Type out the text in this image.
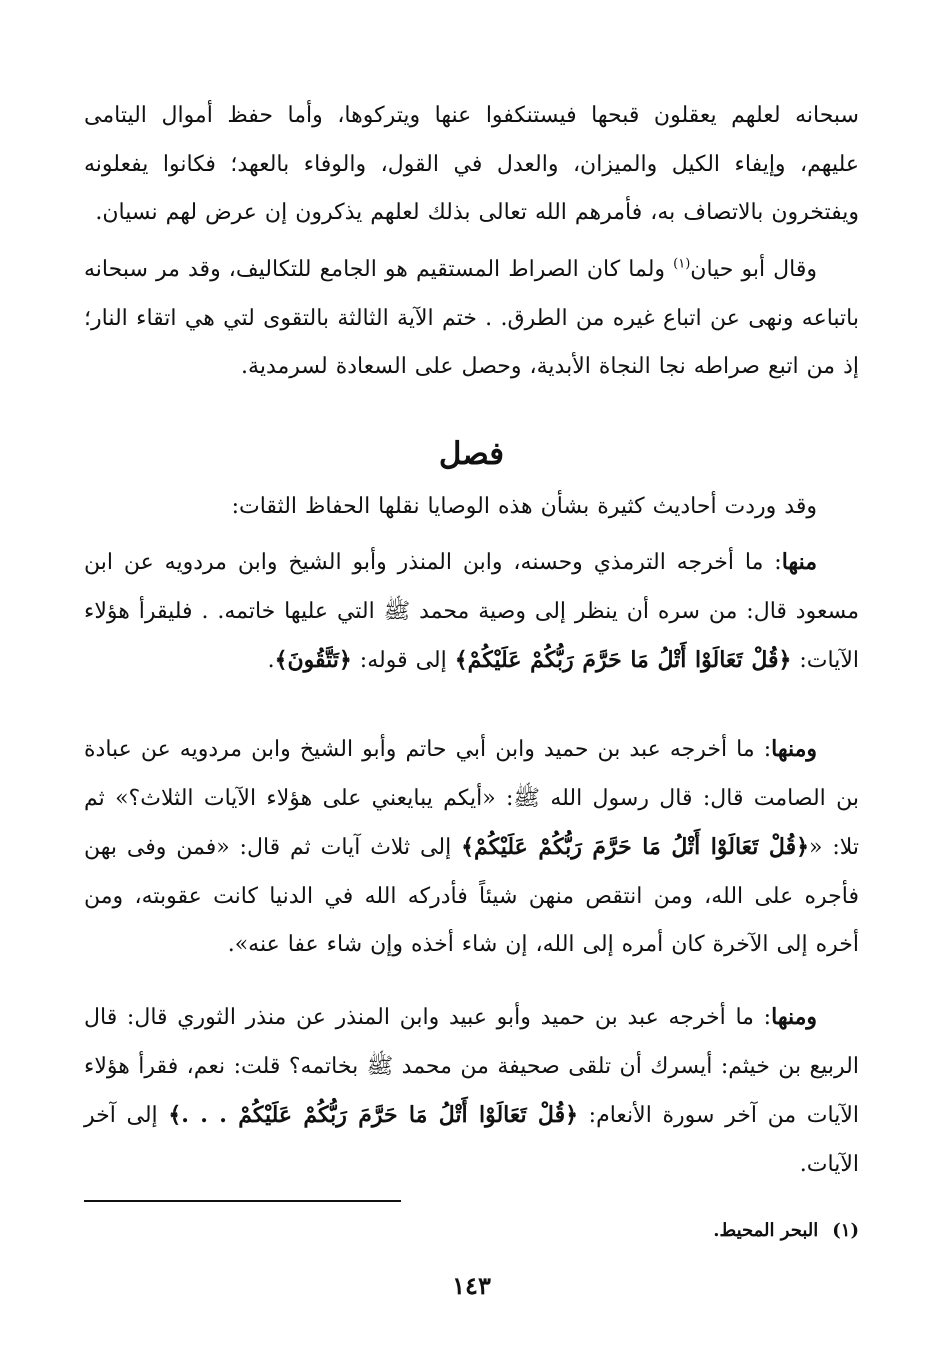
سبحانه لعلهم يعقلون قبحها فيستنكفوا عنها ويتركوها، وأما حفظ أموال اليتامى عليهم، وإيفاء الكيل والميزان، والعدل في القول، والوفاء بالعهد؛ فكانوا يفعلونه ويفتخرون بالاتصاف به، فأمرهم الله تعالى بذلك لعلهم يذكرون إن عرض لهم نسيان.

وقال أبو حيان$^{(١)}$ ولما كان الصراط المستقيم هو الجامع للتكاليف، وقد مر سبحانه باتباعه ونهى عن اتباع غيره من الطرق. . ختم الآية الثالثة بالتقوى لتي هي اتقاء النار؛ إذ من اتبع صراطه نجا النجاة الأبدية، وحصل على السعادة لسرمدية.

فصل

وقد وردت أحاديث كثيرة بشأن هذه الوصايا نقلها الحفاظ الثقات:

منها: ما أخرجه الترمذي وحسنه، وابن المنذر وأبو الشيخ وابن مردويه عن ابن مسعود قال: من سره أن ينظر إلى وصية محمد ﷺ التي عليها خاتمه. . فليقرأ هؤلاء الآيات: ﴿قُلْ تَعَالَوْا أَتْلُ مَا حَرَّمَ رَبُّكُمْ عَلَيْكُمْ﴾ إلى قوله: ﴿تَتَّقُونَ﴾.

ومنها: ما أخرجه عبد بن حميد وابن أبي حاتم وأبو الشيخ وابن مردويه عن عبادة بن الصامت قال: قال رسول الله ﷺ: «أيكم يبايعني على هؤلاء الآيات الثلاث؟» ثم تلا: «﴿قُلْ تَعَالَوْا أَتْلُ مَا حَرَّمَ رَبُّكُمْ عَلَيْكُمْ﴾ إلى ثلاث آيات ثم قال: «فمن وفى بهن فأجره على الله، ومن انتقص منهن شيئاً فأدركه الله في الدنيا كانت عقوبته، ومن أخره إلى الآخرة كان أمره إلى الله، إن شاء أخذه وإن شاء عفا عنه».

ومنها: ما أخرجه عبد بن حميد وأبو عبيد وابن المنذر عن منذر الثوري قال: قال الربيع بن خيثم: أيسرك أن تلقى صحيفة من محمد ﷺ بخاتمه؟ قلت: نعم، فقرأ هؤلاء الآيات من آخر سورة الأنعام: ﴿قُلْ تَعَالَوْا أَتْلُ مَا حَرَّمَ رَبُّكُمْ عَلَيْكُمْ . . .﴾ إلى آخر الآيات.

(١)البحر المحيط.

١٤٣
